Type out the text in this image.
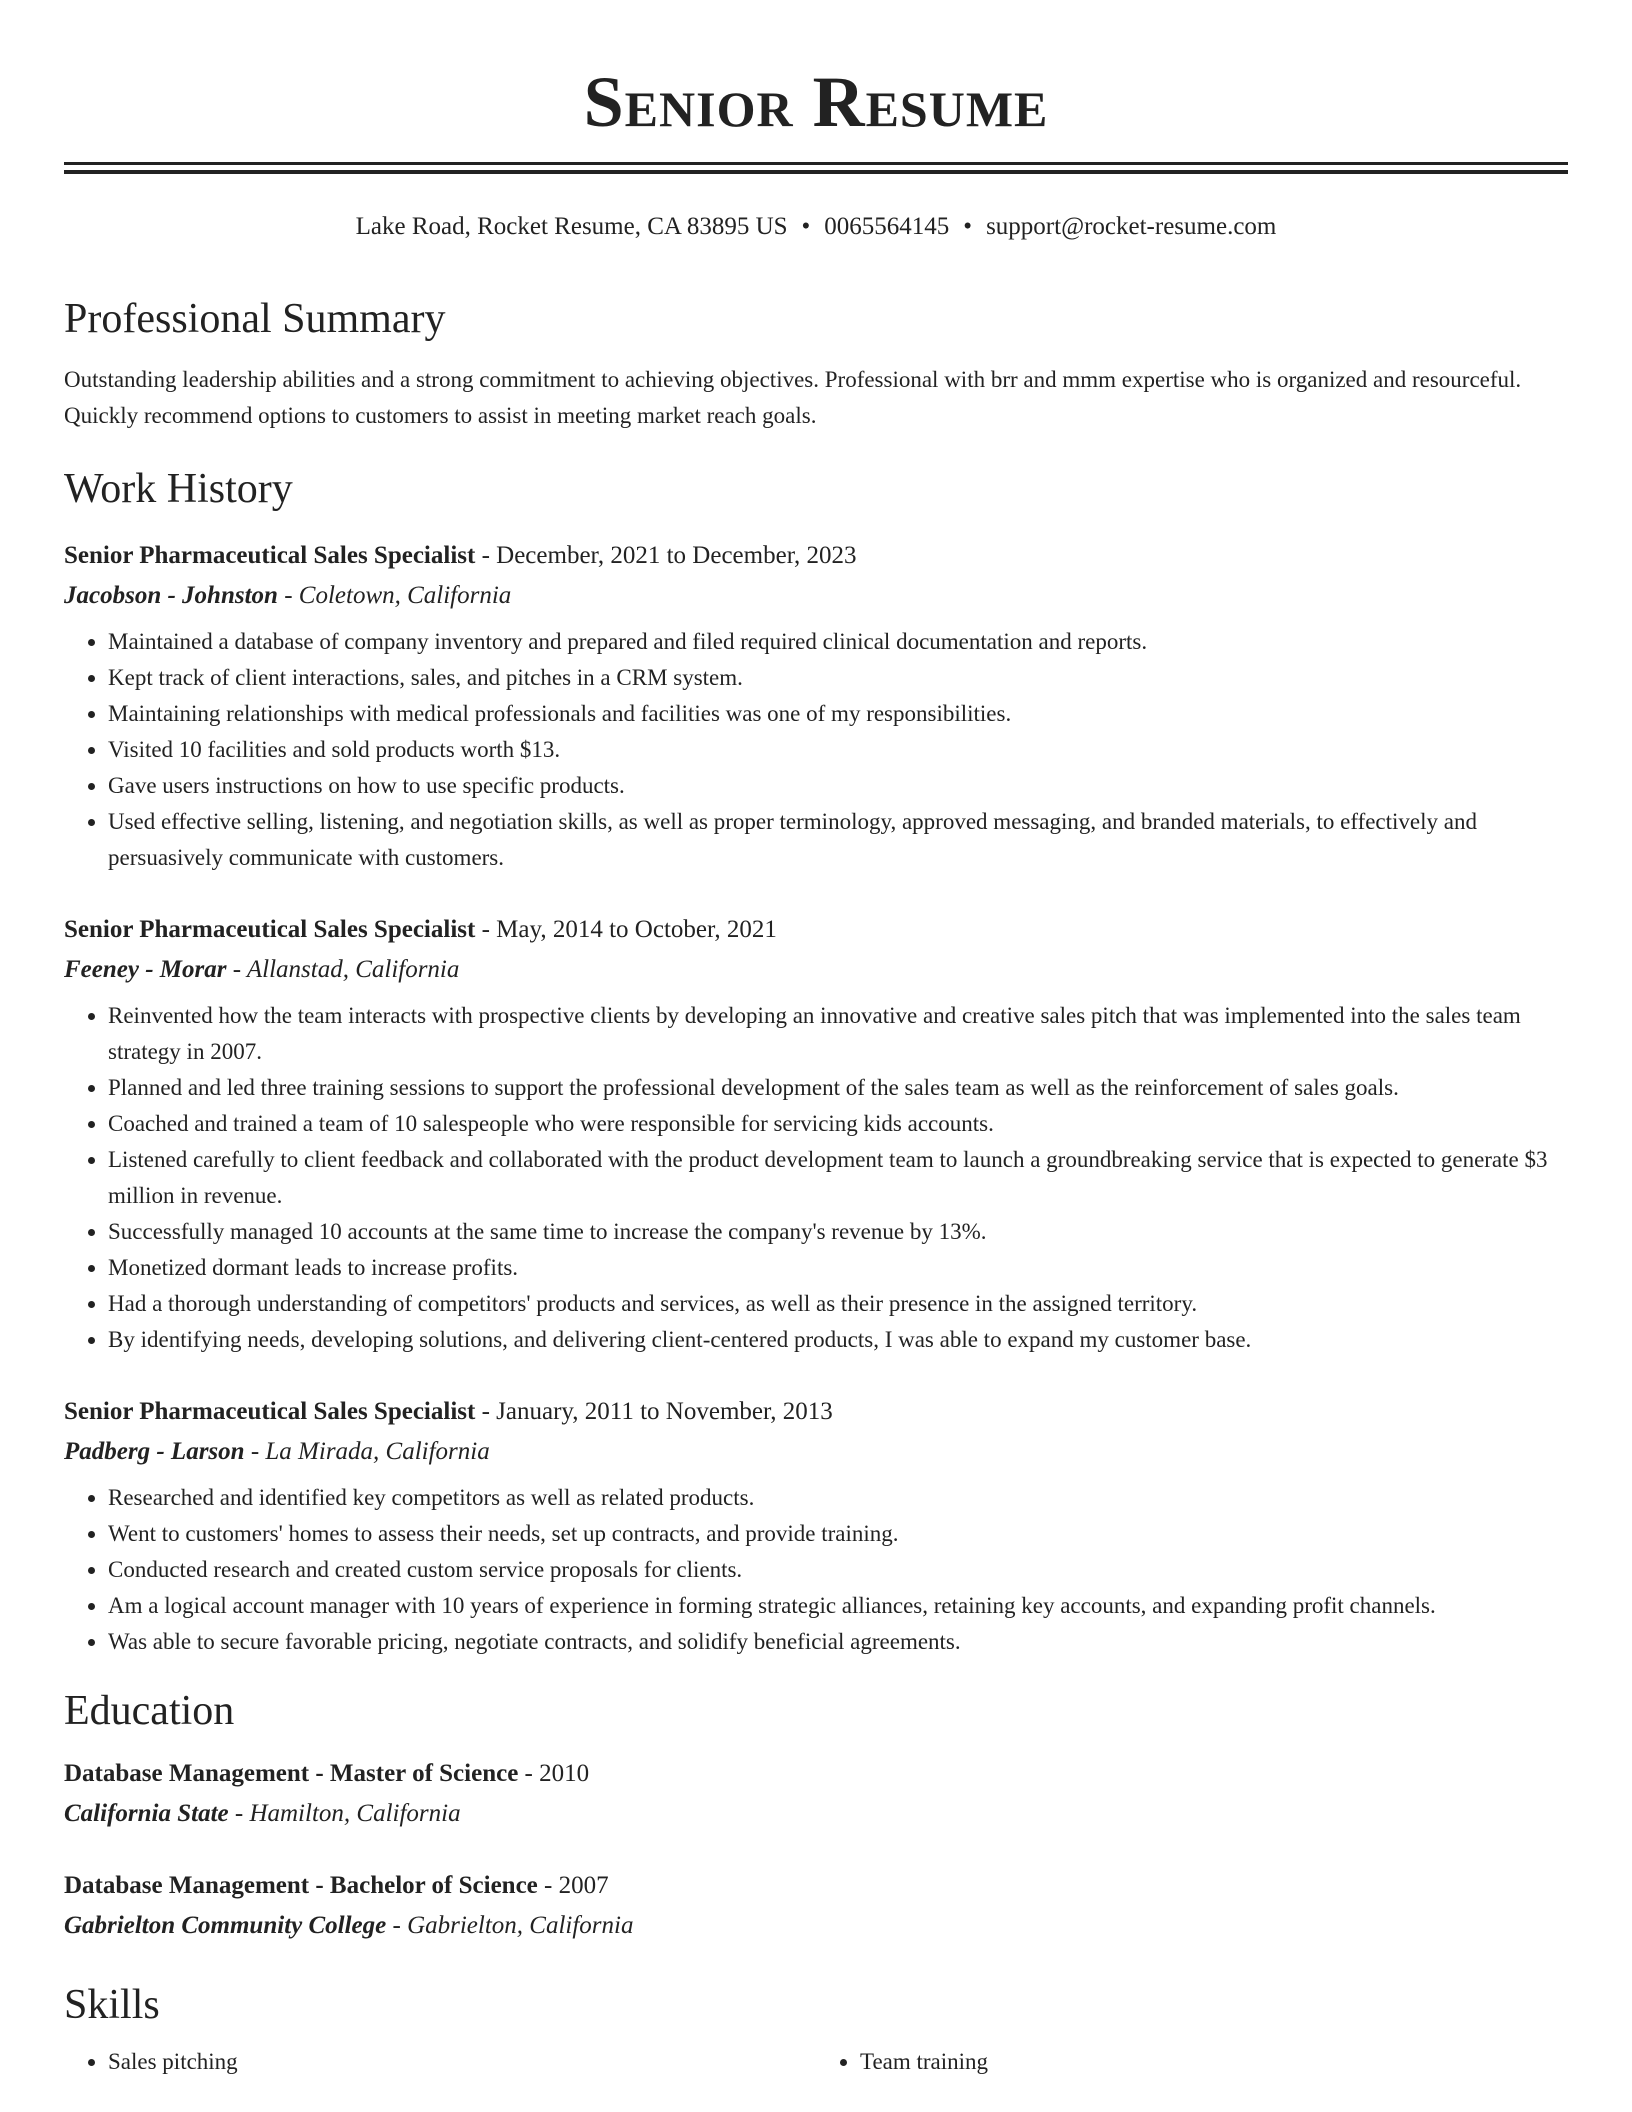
Senior Resume
Lake Road, Rocket Resume, CA 83895 US • 0065564145 • support@rocket-resume.com
Professional Summary
Outstanding leadership abilities and a strong commitment to achieving objectives. Professional with brr and mmm expertise who is organized and resourceful. Quickly recommend options to customers to assist in meeting market reach goals.
Work History
Senior Pharmaceutical Sales Specialist - December, 2021 to December, 2023
Jacobson - Johnston - Coletown, California
• Maintained a database of company inventory and prepared and filed required clinical documentation and reports.
• Kept track of client interactions, sales, and pitches in a CRM system.
• Maintaining relationships with medical professionals and facilities was one of my responsibilities.
• Visited 10 facilities and sold products worth $13.
• Gave users instructions on how to use specific products.
• Used effective selling, listening, and negotiation skills, as well as proper terminology, approved messaging, and branded materials, to effectively and persuasively communicate with customers.
Senior Pharmaceutical Sales Specialist - May, 2014 to October, 2021
Feeney - Morar - Allanstad, California
• Reinvented how the team interacts with prospective clients by developing an innovative and creative sales pitch that was implemented into the sales team strategy in 2007.
• Planned and led three training sessions to support the professional development of the sales team as well as the reinforcement of sales goals.
• Coached and trained a team of 10 salespeople who were responsible for servicing kids accounts.
• Listened carefully to client feedback and collaborated with the product development team to launch a groundbreaking service that is expected to generate $3 million in revenue.
• Successfully managed 10 accounts at the same time to increase the company's revenue by 13%.
• Monetized dormant leads to increase profits.
• Had a thorough understanding of competitors' products and services, as well as their presence in the assigned territory.
• By identifying needs, developing solutions, and delivering client-centered products, I was able to expand my customer base.
Senior Pharmaceutical Sales Specialist - January, 2011 to November, 2013
Padberg - Larson - La Mirada, California
• Researched and identified key competitors as well as related products.
• Went to customers' homes to assess their needs, set up contracts, and provide training.
• Conducted research and created custom service proposals for clients.
• Am a logical account manager with 10 years of experience in forming strategic alliances, retaining key accounts, and expanding profit channels.
• Was able to secure favorable pricing, negotiate contracts, and solidify beneficial agreements.
Education
Database Management - Master of Science - 2010
California State - Hamilton, California
Database Management - Bachelor of Science - 2007
Gabrielton Community College - Gabrielton, California
Skills
• Sales pitching
•	Team training
